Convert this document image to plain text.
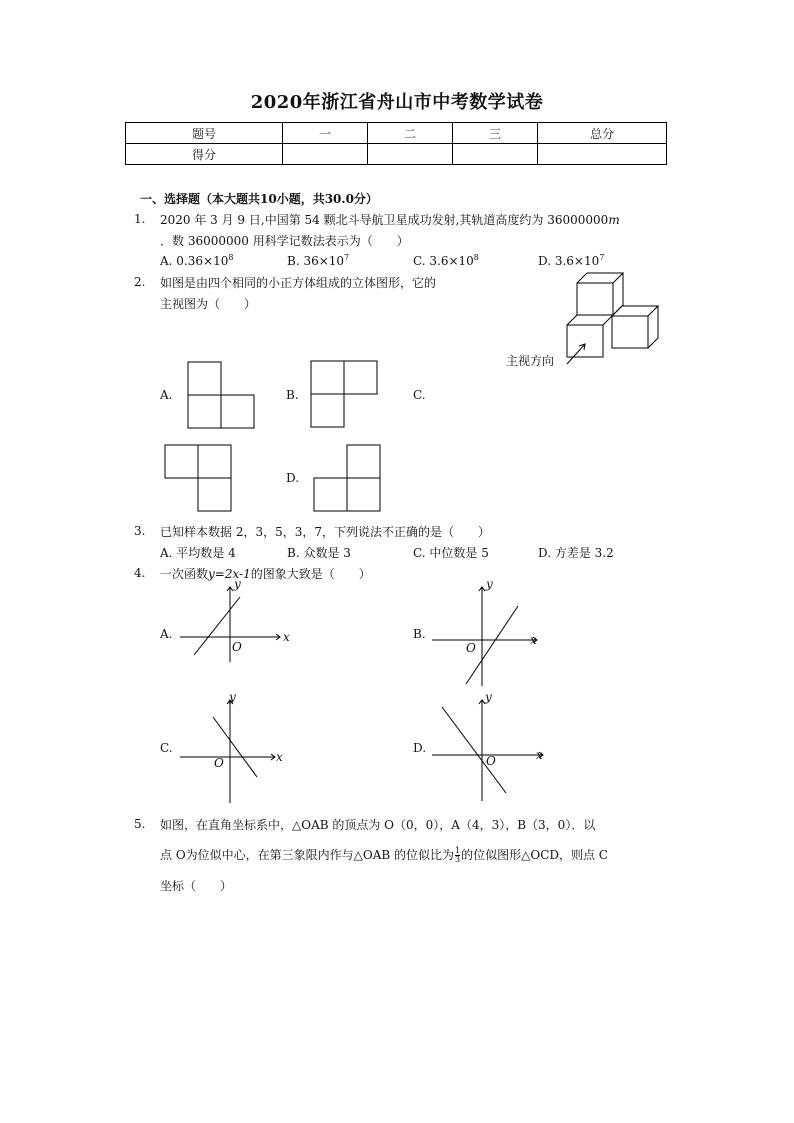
2020年浙江省舟山市中考数学试卷
题号	一	二	三	总分
得分				
一、选择题（本大题共10小题，共30.0分）
1. 2020 年 3 月 9 日,中国第 54 颗北斗导航卫星成功发射,其轨道高度约为 36000000m
．数 36000000 用科学记数法表示为（　　）
A. $0.36\times 10^8$	B. $36\times 10^7$	C. $3.6\times 10^8$	D. $3.6\times 10^7$
2. 如图是由四个相同的小正方体组成的立体图形，它的
主视图为（　　）
主视方向
A.	B.	C.
D.
3. 已知样本数据 2，3，5，3，7，下列说法不正确的是（　　）
A. 平均数是 4	B. 众数是 3	C. 中位数是 5	D. 方差是 3.2
4. 一次函数y=2x-1的图象大致是（　　）
A.	x
y
O
B.	x
y
O
C.
x
y
O
D.	x
y
O
5. 如图，在直角坐标系中，△OAB 的顶点为 O（0，0），A（4，3），B（3，0）．以
点 O为位似中心，在第三象限内作与△OAB 的位似比为 $\frac{1}{3}$ 的位似图形△OCD，则点 C
坐标（　　）
